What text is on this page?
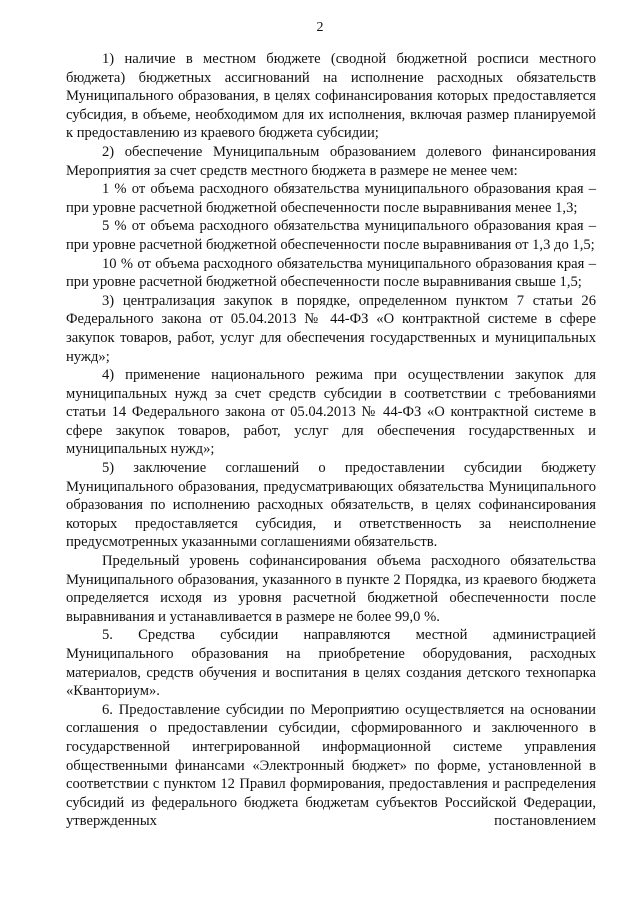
2

1) наличие в местном бюджете (сводной бюджетной росписи местного бюджета) бюджетных ассигнований на исполнение расходных обязательств Муниципального образования, в целях софинансирования которых предоставляется субсидия, в объеме, необходимом для их исполнения, включая размер планируемой к предоставлению из краевого бюджета субсидии;

2) обеспечение Муниципальным образованием долевого финансирования Мероприятия за счет средств местного бюджета в размере не менее чем:

1 % от объема расходного обязательства муниципального образования края – при уровне расчетной бюджетной обеспеченности после выравнивания менее 1,3;

5 % от объема расходного обязательства муниципального образования края – при уровне расчетной бюджетной обеспеченности после выравнивания от 1,3 до 1,5;

10 % от объема расходного обязательства муниципального образования края – при уровне расчетной бюджетной обеспеченности после выравнивания свыше 1,5;

3) централизация закупок в порядке, определенном пунктом 7 статьи 26 Федерального закона от 05.04.2013 № 44-ФЗ «О контрактной системе в сфере закупок товаров, работ, услуг для обеспечения государственных и муниципальных нужд»;

4) применение национального режима при осуществлении закупок для муниципальных нужд за счет средств субсидии в соответствии с требованиями статьи 14 Федерального закона от 05.04.2013 № 44-ФЗ «О контрактной системе в сфере закупок товаров, работ, услуг для обеспечения государственных и муниципальных нужд»;

5) заключение соглашений о предоставлении субсидии бюджету Муниципального образования, предусматривающих обязательства Муниципального образования по исполнению расходных обязательств, в целях софинансирования которых предоставляется субсидия, и ответственность за неисполнение предусмотренных указанными соглашениями обязательств.

Предельный уровень софинансирования объема расходного обязательства Муниципального образования, указанного в пункте 2 Порядка, из краевого бюджета определяется исходя из уровня расчетной бюджетной обеспеченности после выравнивания и устанавливается в размере не более 99,0 %.

5. Средства субсидии направляются местной администрацией Муниципального образования на приобретение оборудования, расходных материалов, средств обучения и воспитания в целях создания детского технопарка «Кванториум».

6. Предоставление субсидии по Мероприятию осуществляется на основании соглашения о предоставлении субсидии, сформированного и заключенного в государственной интегрированной информационной системе управления общественными финансами «Электронный бюджет» по форме, установленной в соответствии с пунктом 12 Правил формирования, предоставления и распределения субсидий из федерального бюджета бюджетам субъектов Российской Федерации, утвержденных постановлением
